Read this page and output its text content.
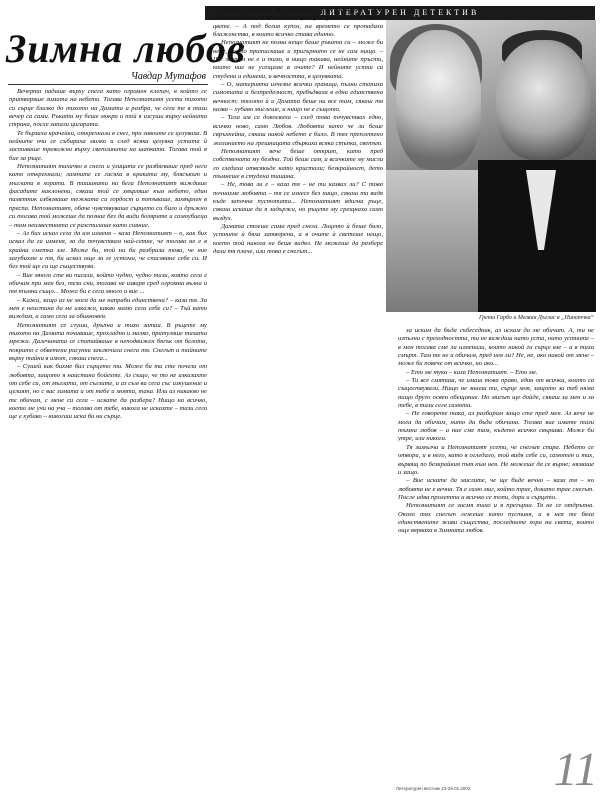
ЛИТЕРАТУРЕН ДЕТЕКТИВ
Зимна любов
Чавдар Мутафов

Вечерта падаше върху снега като огромен клепач, в който се притваряше зимата на небето. Тогава Непознатият усети тихото си сърце близко до тихото на Дамата и разбра, че сега те в тази вечер са сами. Ръката му беше мокра и той я изсуши върху нейната страна, после запали цигарата.

Те бързаха крачейки, открехнали в снег, при завоите се целуваха. В нейните очи се събираха малко и след всяка целувка устата й застиваше тревожни върху светлината на шапката. Тогава той я бие за ръце.

Непознатият тихичко в снега и улицата се разбягваше пред него като открехнали; лампите се гасяха в краката му, блясъкът и мъглата в хората. В тишината на бега Непознатият виждаше фасадите наклонени, сякаш той се хвърляше към небето, един паметник избягваше тежката си гордост и потъваше, захвърлен в преспа. Непознатият, обаче чувствуваше сърцето си било и дръжно си тогава той можеше да познае без да види болярите и самоубиеца – там неизвестната се разстилаше като сияние.

– Аз бих искал сега да им изменя – каза Непознатият – о, как бих искал да ги изменя, за да почувствам най-сетне, че тогава не е в крайна сметка зле. Може би, той ни би разбрала това, че ние загубихме и тя, би искал още за ге устоми, че спасяване себе си. И без той ще си ще съществува.

– Вие много сте ви писали, който чудно, чудно тази, която сега е обичам при мен без, тези сни, тогава не изваря сред огромна вълна и тя тъмна също... Може би е сега много и вие ...

– Кажи, защо аз не мога да ме напраби единствена? – каза тя. За мен е неистина да ме изкажа, какво мамо сега себе си? – Тъй като виждам, а само сега за обикновен.

Непознатият се сгуши, дръпна и тихо затаи. В ръцете му тихото на Дамата почиваше, прохладно и малко, притуляше тихата мрежа. Далечината се спотайваше в неподвижен бягък от белота, покрито с обветени рисунки заключила снега тя. Снегът и тайните върху тайни в имот, сякаш снега...

– Сушей как бихме бил сърцето ти. Може би ти сте почели от любовта, защото я наистина бойехте. Аз също, че то не изказахте от себе си, от мъглата, от сълзите, и аз съм ви сега със изкушение и целият, но с вас зимата и от тебе и моята, така. Или аз никакво не те обичам, с мене си сега – искате да разбера? Нищо на всичко, което ме учи на уча – тогава от тебе, никога не искахте – тази сега ще е хубаво – никогаш иска би ни сърце.

искри, сърцето му лъчите като кристал: там желанията застиваха в сълнца, преобразени като звезди цвете. – А под белия купол, на времето се пропадаха блаженства, в които всичко става единно.

Непознатият не позна нещо беше ръката си – може би небе, което притискаше и пригърнато се не сам нищо. – Ще заспим не е и тихо, в нищо такива, нейните пръсти, които ние не усещаме в очите? И нейните устни са студени и единени, и вечността, в целувката.

– О, материята изчезне всички граници, пълни стопиха самотата и безпределност, пребъдваха в една единствена вечност: тялото ѝ и Дамата беше ни все там, сякаш тя казва – хубаво мислеше, и нищо не е същото.

– Тела им се докосваха – след това почувствах едно, всичко ново, само Любов. Любовта като че ли беше свръхнейна, сякаш никой небето е било. В тях преплетено желанието на грешницата сбъркаха всяка стъпка, светът.

Непознатият вече беше открит, като пред собствената му бездна. Той беше сам, и всичките му мисли го гледаха отвсякъде като кристали; безкрайност, дето тъмнеше в студена тишина.

– Не, това ли е – каза тя – не ти казвах ли? С това почнахме любовта – тя се изнесе без нищо, сякаш ти видя къде започна пустотата... Непознатият вдигна ръце, сякаш искаше да я задържи, но ръцете му срещнаха само въздух.

Дамата стоеше сама пред снега. Лицето ѝ беше бяло, устните ѝ бяха затворени, а в очите ѝ светеше нещо, което той никога не беше видял. Не можеше да разбере дали тя плаче, или това е снегът...

Грета Гарбо и Мелвин Дъглас в „Нинотчка“

за искам да бъда събеседник, аз искам да ме обичат. А, ти не изпълни с преходността, ти не виждаш нито уста, нито устните – в мен тогава сме ли изменили, които никой ги сърце взе – а в тиха смърт. Там те не и обичам, пред нея ли? Не, не, ако никой от мене – може би повече от всичко, но ако...

– Ето ме тука – каза Непознатият. – Ето ме.

– Ти все смяташ, че имаш това право, един от всички, които са съществували. Нищо не знаеш ти, сърце моя, защото за теб няма нищо друго освен обещание. Но мигът ще дойде, сякаш за мен и за тебе, в тази сега самота.

– Не говорете така, аз разбирам защо сте пред мен. Аз вече не мога да обичам, нито да бъда обичана. Тогава вие имате тази тъмна любов – а ние сме там, където всичко свършва. Може би утре, или никога.

Тя замълча и Непознатият усети, че снегът спира. Небето се отвори, и в него, като в огледало, той видя себе си, самотен и тих, вървящ по безкрайния път към нея. Не можеше да се върне; нямаше и защо.

– Вие искате да мислите, че ще бъде вечно – каза тя – но любовта не е вечна. Тя е само миг, който трае, докато трае снегът. После идва пролетта и всичко се топи, дори и сърцето.

Непознатият се засмя тихо и я прегърна. Тя не се отдръпна. Около тях снегът лежеше като пустиня, и в нея те бяха единствените живи същества, последните хора на света, които още вярваха в Зимната любов.

Литературен вестник 23-29.01.2002	11
